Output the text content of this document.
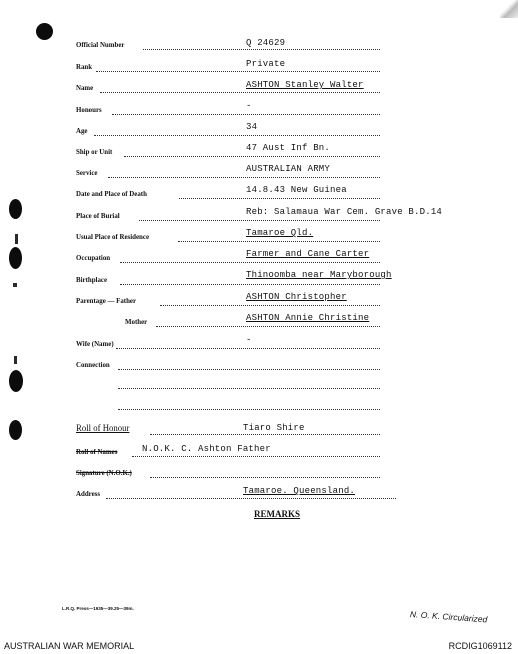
Official Number	Q 24629
Rank	Private
Name	ASHTON Stanley Walter
Honours	-
Age	34
Ship or Unit	47 Aust Inf Bn.
Service	AUSTRALIAN ARMY
Date and Place of Death	14.8.43 New Guinea
Place of Burial	Reb: Salamaua War Cem. Grave B.D.14
Usual Place of Residence	Tamaroe Qld.
Occupation	Farmer and Cane Carter
Birthplace	Thinoomba near Maryborough
Parentage — Father	ASHTON Christopher
Mother	ASHTON Annie Christine
Wife (Name)	-
Connection
Roll of Honour	Tiaro Shire
Roll of Names	N.O.K. C. Ashton Father
Signature (N.O.K.)
Address	Tamaroe. Queensland.
REMARKS
L.R.Q. Press—1935—39.25—39m.
N. O. K. Circularized
AUSTRALIAN WAR MEMORIAL	RCDIG1069112
